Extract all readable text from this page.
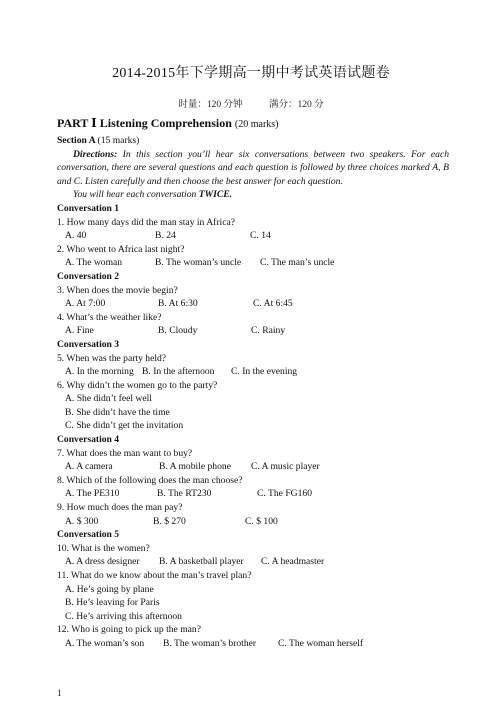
2014-2015年下学期高一期中考试英语试题卷
时量：120 分钟	满分：120 分
PART Ⅰ Listening Comprehension (20 marks)
Section A (15 marks)
Directions: In this section you’ll hear six conversations between two speakers. For each conversation, there are several questions and each question is followed by three choices marked A, B and C. Listen carefully and then choose the best answer for each question.
You will hear each conversation TWICE.
Conversation 1
1. How many days did the man stay in Africa?
A. 40	B. 24	C. 14
2. Who went to Africa last night?
A. The woman	B. The woman’s uncle	C. The man’s uncle
Conversation 2
3. When does the movie begin?
A. At 7:00	B. At 6:30	C. At 6:45
4. What’s the weather like?
A. Fine	B. Cloudy	C. Rainy
Conversation 3
5. When was the party held?
A. In the morning B. In the afternoon	C. In the evening
6. Why didn’t the women go to the party?
A. She didn’t feel well
B. She didn’t have the time
C. She didn’t get the invitation
Conversation 4
7. What does the man want to buy?
A. A camera	B. A mobile phone	C. A music player
8. Which of the following does the man choose?
A. The PE310	B. The RT230	C. The FG160
9. How much does the man pay?
A. $ 300	B. $ 270	C. $ 100
Conversation 5
10. What is the women?
A. A dress designer	B. A basketball player	C. A headmaster
11. What do we know about the man’s travel plan?
A. He’s going by plane
B. He’s leaving for Paris
C. He’s arriving this afternoon
12. Who is going to pick up the man?
A. The woman’s son	B. The woman’s brother	C. The woman herself
1
